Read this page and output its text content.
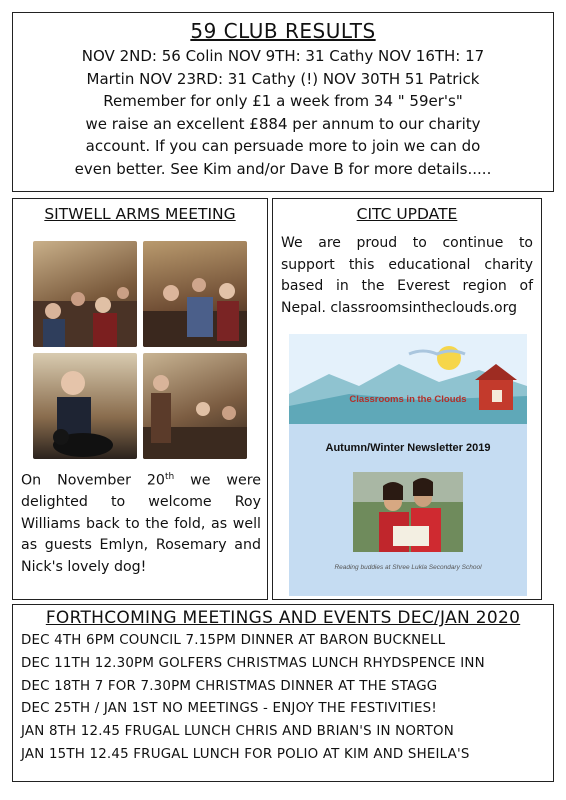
59 CLUB RESULTS

NOV 2ND: 56 Colin NOV 9TH: 31 Cathy NOV 16TH: 17

Martin NOV 23RD: 31 Cathy (!) NOV 30TH 51 Patrick

Remember for only £1 a week from 34 " 59er's"

we raise an excellent £884 per annum to our charity

account. If you can persuade more to join we can do

even better. See Kim and/or Dave B for more details.....

SITWELL ARMS MEETING
On November 20th we were delighted to welcome Roy Williams back to the fold, as well as guests Emlyn, Rosemary and Nick's lovely dog!
CITC UPDATE
We are proud to continue to support this educational charity based in the Everest region of Nepal. classroomsintheclouds.org
Classrooms in the Clouds
Autumn/Winter Newsletter 2019
Reading buddies at Shree Lukla Secondary School
FORTHCOMING MEETINGS AND EVENTS DEC/JAN 2020
DEC 4TH 6PM COUNCIL 7.15PM DINNER AT BARON BUCKNELL
DEC 11TH 12.30PM GOLFERS CHRISTMAS LUNCH RHYDSPENCE INN
DEC 18TH 7 FOR 7.30PM CHRISTMAS DINNER AT THE STAGG
DEC 25TH / JAN 1ST NO MEETINGS - ENJOY THE FESTIVITIES!
JAN 8TH 12.45 FRUGAL LUNCH CHRIS AND BRIAN'S IN NORTON
JAN 15TH 12.45 FRUGAL LUNCH FOR POLIO AT KIM AND SHEILA'S
